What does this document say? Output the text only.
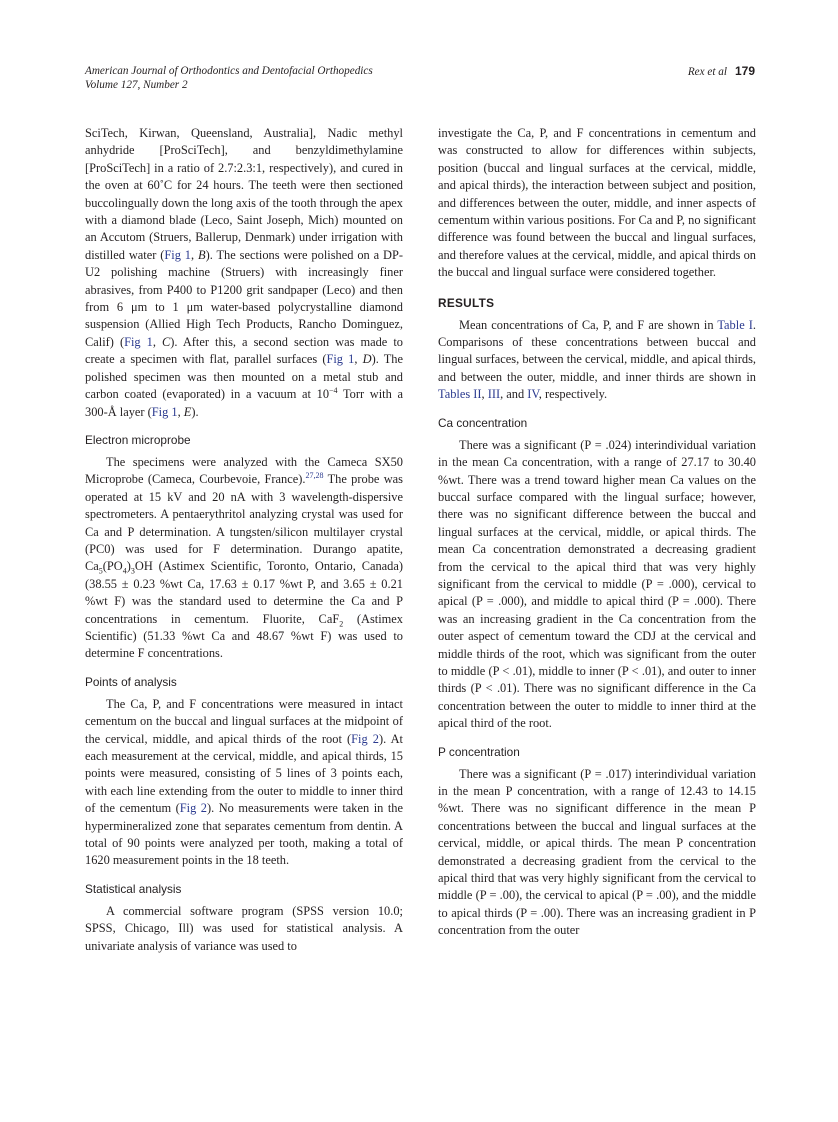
American Journal of Orthodontics and Dentofacial Orthopedics
Volume 127, Number 2
Rex et al 179

SciTech, Kirwan, Queensland, Australia], Nadic methyl anhydride [ProSciTech], and benzyldimethylamine [ProSciTech] in a ratio of 2.7:2.3:1, respectively), and cured in the oven at 60˚C for 24 hours. The teeth were then sectioned buccolingually down the long axis of the tooth through the apex with a diamond blade (Leco, Saint Joseph, Mich) mounted on an Accutom (Struers, Ballerup, Denmark) under irrigation with distilled water (Fig 1, B). The sections were polished on a DP-U2 polishing machine (Struers) with increasingly finer abrasives, from P400 to P1200 grit sandpaper (Leco) and then from 6 μm to 1 μm water-based polycrystalline diamond suspension (Allied High Tech Products, Rancho Dominguez, Calif) (Fig 1, C). After this, a second section was made to create a specimen with flat, parallel surfaces (Fig 1, D). The polished specimen was then mounted on a metal stub and carbon coated (evaporated) in a vacuum at $10^{-4}$ Torr with a 300-Å layer (Fig 1, E).

Electron microprobe

The specimens were analyzed with the Cameca SX50 Microprobe (Cameca, Courbevoie, France).$^{27,28}$ The probe was operated at 15 kV and 20 nA with 3 wavelength-dispersive spectrometers. A pentaerythritol analyzing crystal was used for Ca and P determination. A tungsten/silicon multilayer crystal (PC0) was used for F determination. Durango apatite, $Ca_5(PO_4)_3OH$ (Astimex Scientific, Toronto, Ontario, Canada) (38.55 ± 0.23 %wt Ca, 17.63 ± 0.17 %wt P, and 3.65 ± 0.21 %wt F) was the standard used to determine the Ca and P concentrations in cementum. Fluorite, CaF$_2$ (Astimex Scientific) (51.33 %wt Ca and 48.67 %wt F) was used to determine F concentrations.

Points of analysis

The Ca, P, and F concentrations were measured in intact cementum on the buccal and lingual surfaces at the midpoint of the cervical, middle, and apical thirds of the root (Fig 2). At each measurement at the cervical, middle, and apical thirds, 15 points were measured, consisting of 5 lines of 3 points each, with each line extending from the outer to middle to inner third of the cementum (Fig 2). No measurements were taken in the hypermineralized zone that separates cementum from dentin. A total of 90 points were analyzed per tooth, making a total of 1620 measurement points in the 18 teeth.

Statistical analysis

A commercial software program (SPSS version 10.0; SPSS, Chicago, Ill) was used for statistical analysis. A univariate analysis of variance was used to

investigate the Ca, P, and F concentrations in cementum and was constructed to allow for differences within subjects, position (buccal and lingual surfaces at the cervical, middle, and apical thirds), the interaction between subject and position, and differences between the outer, middle, and inner aspects of cementum within various positions. For Ca and P, no significant difference was found between the buccal and lingual surfaces, and therefore values at the cervical, middle, and apical thirds on the buccal and lingual surface were considered together.

RESULTS

Mean concentrations of Ca, P, and F are shown in Table I. Comparisons of these concentrations between buccal and lingual surfaces, between the cervical, middle, and apical thirds, and between the outer, middle, and inner thirds are shown in Tables II, III, and IV, respectively.

Ca concentration

There was a significant (P = .024) interindividual variation in the mean Ca concentration, with a range of 27.17 to 30.40 %wt. There was a trend toward higher mean Ca values on the buccal surface compared with the lingual surface; however, there was no significant difference between the buccal and lingual surfaces at the cervical, middle, or apical thirds. The mean Ca concentration demonstrated a decreasing gradient from the cervical to the apical third that was very highly significant from the cervical to middle (P = .000), cervical to apical (P = .000), and middle to apical third (P = .000). There was an increasing gradient in the Ca concentration from the outer aspect of cementum toward the CDJ at the cervical and middle thirds of the root, which was significant from the outer to middle (P < .01), middle to inner (P < .01), and outer to inner thirds (P < .01). There was no significant difference in the Ca concentration between the outer to middle to inner third at the apical third of the root.

P concentration

There was a significant (P = .017) interindividual variation in the mean P concentration, with a range of 12.43 to 14.15 %wt. There was no significant difference in the mean P concentrations between the buccal and lingual surfaces at the cervical, middle, or apical thirds. The mean P concentration demonstrated a decreasing gradient from the cervical to the apical third that was very highly significant from the cervical to middle (P = .00), the cervical to apical (P = .00), and the middle to apical thirds (P = .00). There was an increasing gradient in P concentration from the outer
